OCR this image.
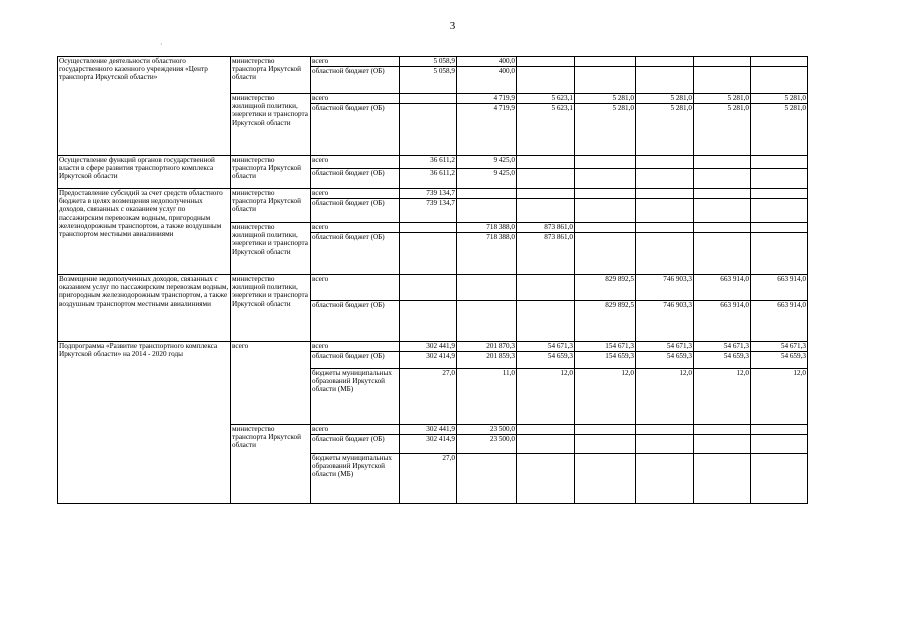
3
·
Осуществление деятельности областного государственного казенного учреждения «Центр транспорта Иркутской области»	министерство транспорта Иркутской области	всего	5 058,9	400,0					
		областной бюджет (ОБ)	5 058,9	400,0					
	министерство жилищной политики, энергетики и транспорта Иркутской области	всего		4 719,9	5 623,1	5 281,0	5 281,0	5 281,0	5 281,0
		областной бюджет (ОБ)		4 719,9	5 623,1	5 281,0	5 281,0	5 281,0	5 281,0
Осуществление функций органов государственной власти в сфере развития транспортного комплекса Иркутской области	министерство транспорта Иркутской области	всего	36 611,2	9 425,0					
		областной бюджет (ОБ)	36 611,2	9 425,0					
Предоставление субсидий за счет средств областного бюджета в целях возмещения недополученных доходов, связанных с оказанием услуг по пассажирским перевозкам водным, пригородным железнодорожным транспортом, а также воздушным транспортом местными авиалиниями	министерство транспорта Иркутской области	всего	739 134,7						
		областной бюджет (ОБ)	739 134,7						
	министерство жилищной политики, энергетики и транспорта Иркутской области	всего		718 388,0	873 861,0				
		областной бюджет (ОБ)		718 388,0	873 861,0				
Возмещение недополученных доходов, связанных с оказанием услуг по пассажирским перевозкам водным, пригородным железнодорожным транспортом, а также воздушным транспортом местными авиалиниями	министерство жилищной политики, энергетики и транспорта Иркутской области	всего				829 892,5	746 903,3	663 914,0	663 914,0
		областной бюджет (ОБ)				829 892,5	746 903,3	663 914,0	663 914,0
Подпрограмма «Развитие транспортного комплекса Иркутской области» на 2014 - 2020 годы	всего	всего	302 441,9	201 870,3	54 671,3	154 671,3	54 671,3	54 671,3	54 671,3
		областной бюджет (ОБ)	302 414,9	201 859,3	54 659,3	154 659,3	54 659,3	54 659,3	54 659,3
		бюджеты муниципальных образований Иркутской области (МБ)	27,0	11,0	12,0	12,0	12,0	12,0	12,0
	министерство транспорта Иркутской области	всего	302 441,9	23 500,0					
		областной бюджет (ОБ)	302 414,9	23 500,0					
		бюджеты муниципальных образований Иркутской области (МБ)	27,0						
